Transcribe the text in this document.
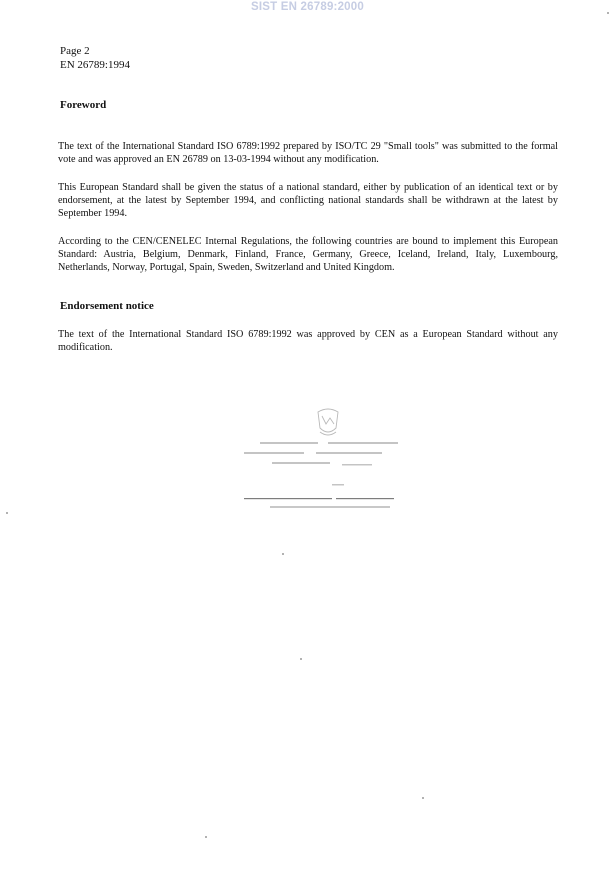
SIST EN 26789:2000
Page 2
EN 26789:1994
Foreword
The text of the International Standard ISO 6789:1992 prepared by ISO/TC 29 "Small tools" was submitted to the formal vote and was approved an EN 26789 on 13-03-1994 without any modification.
This European Standard shall be given the status of a national standard, either by publication of an identical text or by endorsement, at the latest by September 1994, and conflicting national standards shall be withdrawn at the latest by September 1994.
According to the CEN/CENELEC Internal Regulations, the following countries are bound to implement this European Standard: Austria, Belgium, Denmark, Finland, France, Germany, Greece, Iceland, Ireland, Italy, Luxembourg, Netherlands, Norway, Portugal, Spain, Sweden, Switzerland and United Kingdom.
Endorsement notice
The text of the International Standard ISO 6789:1992 was approved by CEN as a European Standard without any modification.
